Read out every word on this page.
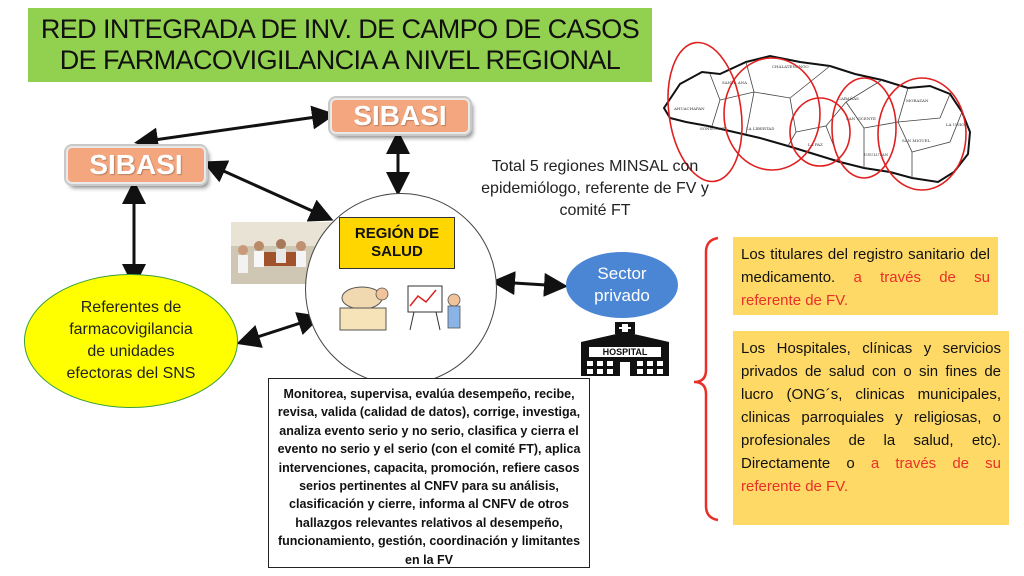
RED INTEGRADA DE INV. DE CAMPO DE CASOS
DE FARMACOVIGILANCIA A NIVEL REGIONAL
SANTA ANA
CHALATENANGO
AHUACHAPAN
SONSONATE	LA LIBERTAD
CABAÑAS
SAN VICENTE
LA PAZ
MORAZAN
SAN MIGUEL
USULUTAN
LA UNION
SIBASI
SIBASI	Total 5 regiones MINSAL con epidemiólogo, referente de FV y comité FT
REGIÓN DE
SALUD
Referentes de
farmacovigilancia
de unidades
efectoras del SNS
Sector
privado
HOSPITAL
Monitorea, supervisa, evalúa desempeño, recibe, revisa, valida (calidad de datos), corrige, investiga, analiza evento serio y no serio, clasifica y cierra el evento no serio y el serio (con el comité FT), aplica intervenciones, capacita, promoción, refiere casos serios pertinentes al CNFV para su análisis, clasificación y cierre, informa al CNFV de otros hallazgos relevantes relativos al desempeño, funcionamiento, gestión, coordinación y limitantes en la FV
Los titulares del registro sanitario del medicamento. a través de su referente de FV.
Los Hospitales, clínicas y servicios privados de salud con o sin fines de lucro (ONG´s, clinicas municipales, clinicas parroquiales y religiosas, o profesionales de la salud, etc). Directamente o a través de su referente de FV.
